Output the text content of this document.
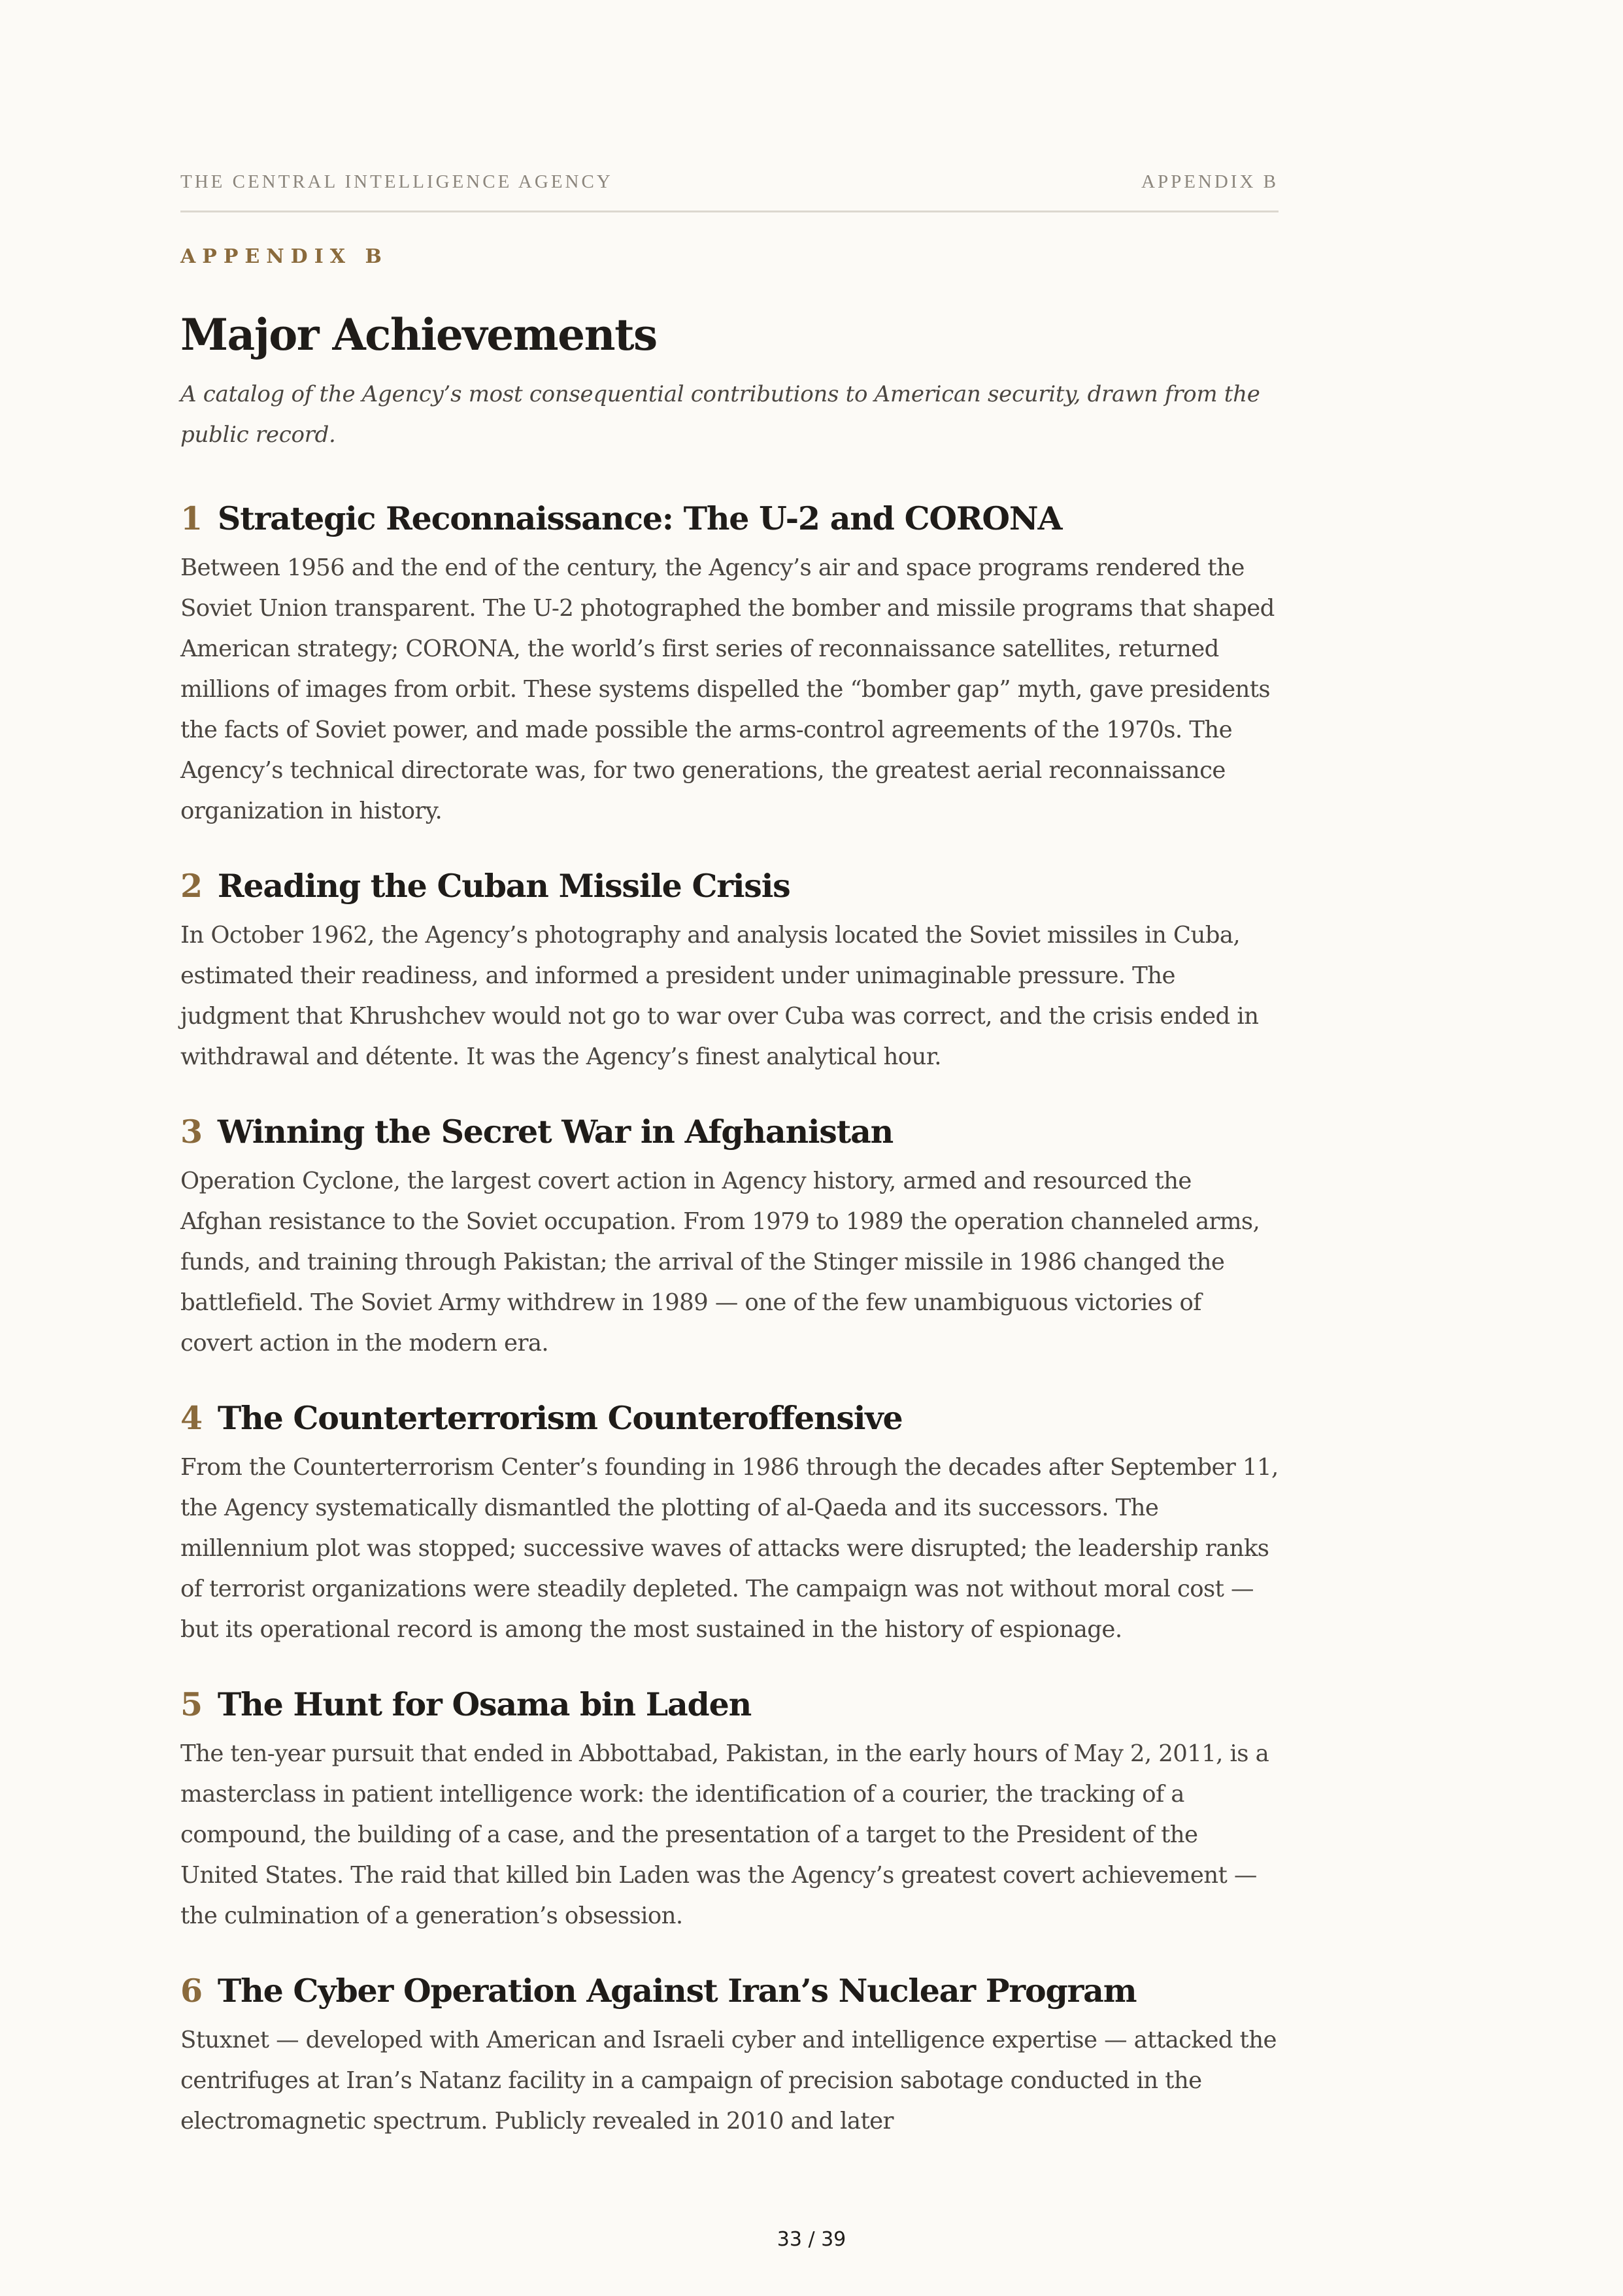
THE CENTRAL INTELLIGENCE AGENCY	APPENDIX B

APPENDIX B

Major Achievements

A catalog of the Agency’s most consequential contributions to American security, drawn from the public record.

1 Strategic Reconnaissance: The U-2 and CORONA

Between 1956 and the end of the century, the Agency’s air and space programs rendered the Soviet Union transparent. The U-2 photographed the bomber and missile programs that shaped American strategy; CORONA, the world’s first series of reconnaissance satellites, returned millions of images from orbit. These systems dispelled the “bomber gap” myth, gave presidents the facts of Soviet power, and made possible the arms-control agreements of the 1970s. The Agency’s technical directorate was, for two generations, the greatest aerial reconnaissance organization in history.

2 Reading the Cuban Missile Crisis

In October 1962, the Agency’s photography and analysis located the Soviet missiles in Cuba, estimated their readiness, and informed a president under unimaginable pressure. The judgment that Khrushchev would not go to war over Cuba was correct, and the crisis ended in withdrawal and détente. It was the Agency’s finest analytical hour.

3 Winning the Secret War in Afghanistan

Operation Cyclone, the largest covert action in Agency history, armed and resourced the Afghan resistance to the Soviet occupation. From 1979 to 1989 the operation channeled arms, funds, and training through Pakistan; the arrival of the Stinger missile in 1986 changed the battlefield. The Soviet Army withdrew in 1989 — one of the few unambiguous victories of covert action in the modern era.

4 The Counterterrorism Counteroffensive

From the Counterterrorism Center’s founding in 1986 through the decades after September 11, the Agency systematically dismantled the plotting of al-Qaeda and its successors. The millennium plot was stopped; successive waves of attacks were disrupted; the leadership ranks of terrorist organizations were steadily depleted. The campaign was not without moral cost — but its operational record is among the most sustained in the history of espionage.

5 The Hunt for Osama bin Laden

The ten-year pursuit that ended in Abbottabad, Pakistan, in the early hours of May 2, 2011, is a masterclass in patient intelligence work: the identification of a courier, the tracking of a compound, the building of a case, and the presentation of a target to the President of the United States. The raid that killed bin Laden was the Agency’s greatest covert achievement — the culmination of a generation’s obsession.

6 The Cyber Operation Against Iran’s Nuclear Program

Stuxnet — developed with American and Israeli cyber and intelligence expertise — attacked the centrifuges at Iran’s Natanz facility in a campaign of precision sabotage conducted in the electromagnetic spectrum. Publicly revealed in 2010 and later

33 / 39
